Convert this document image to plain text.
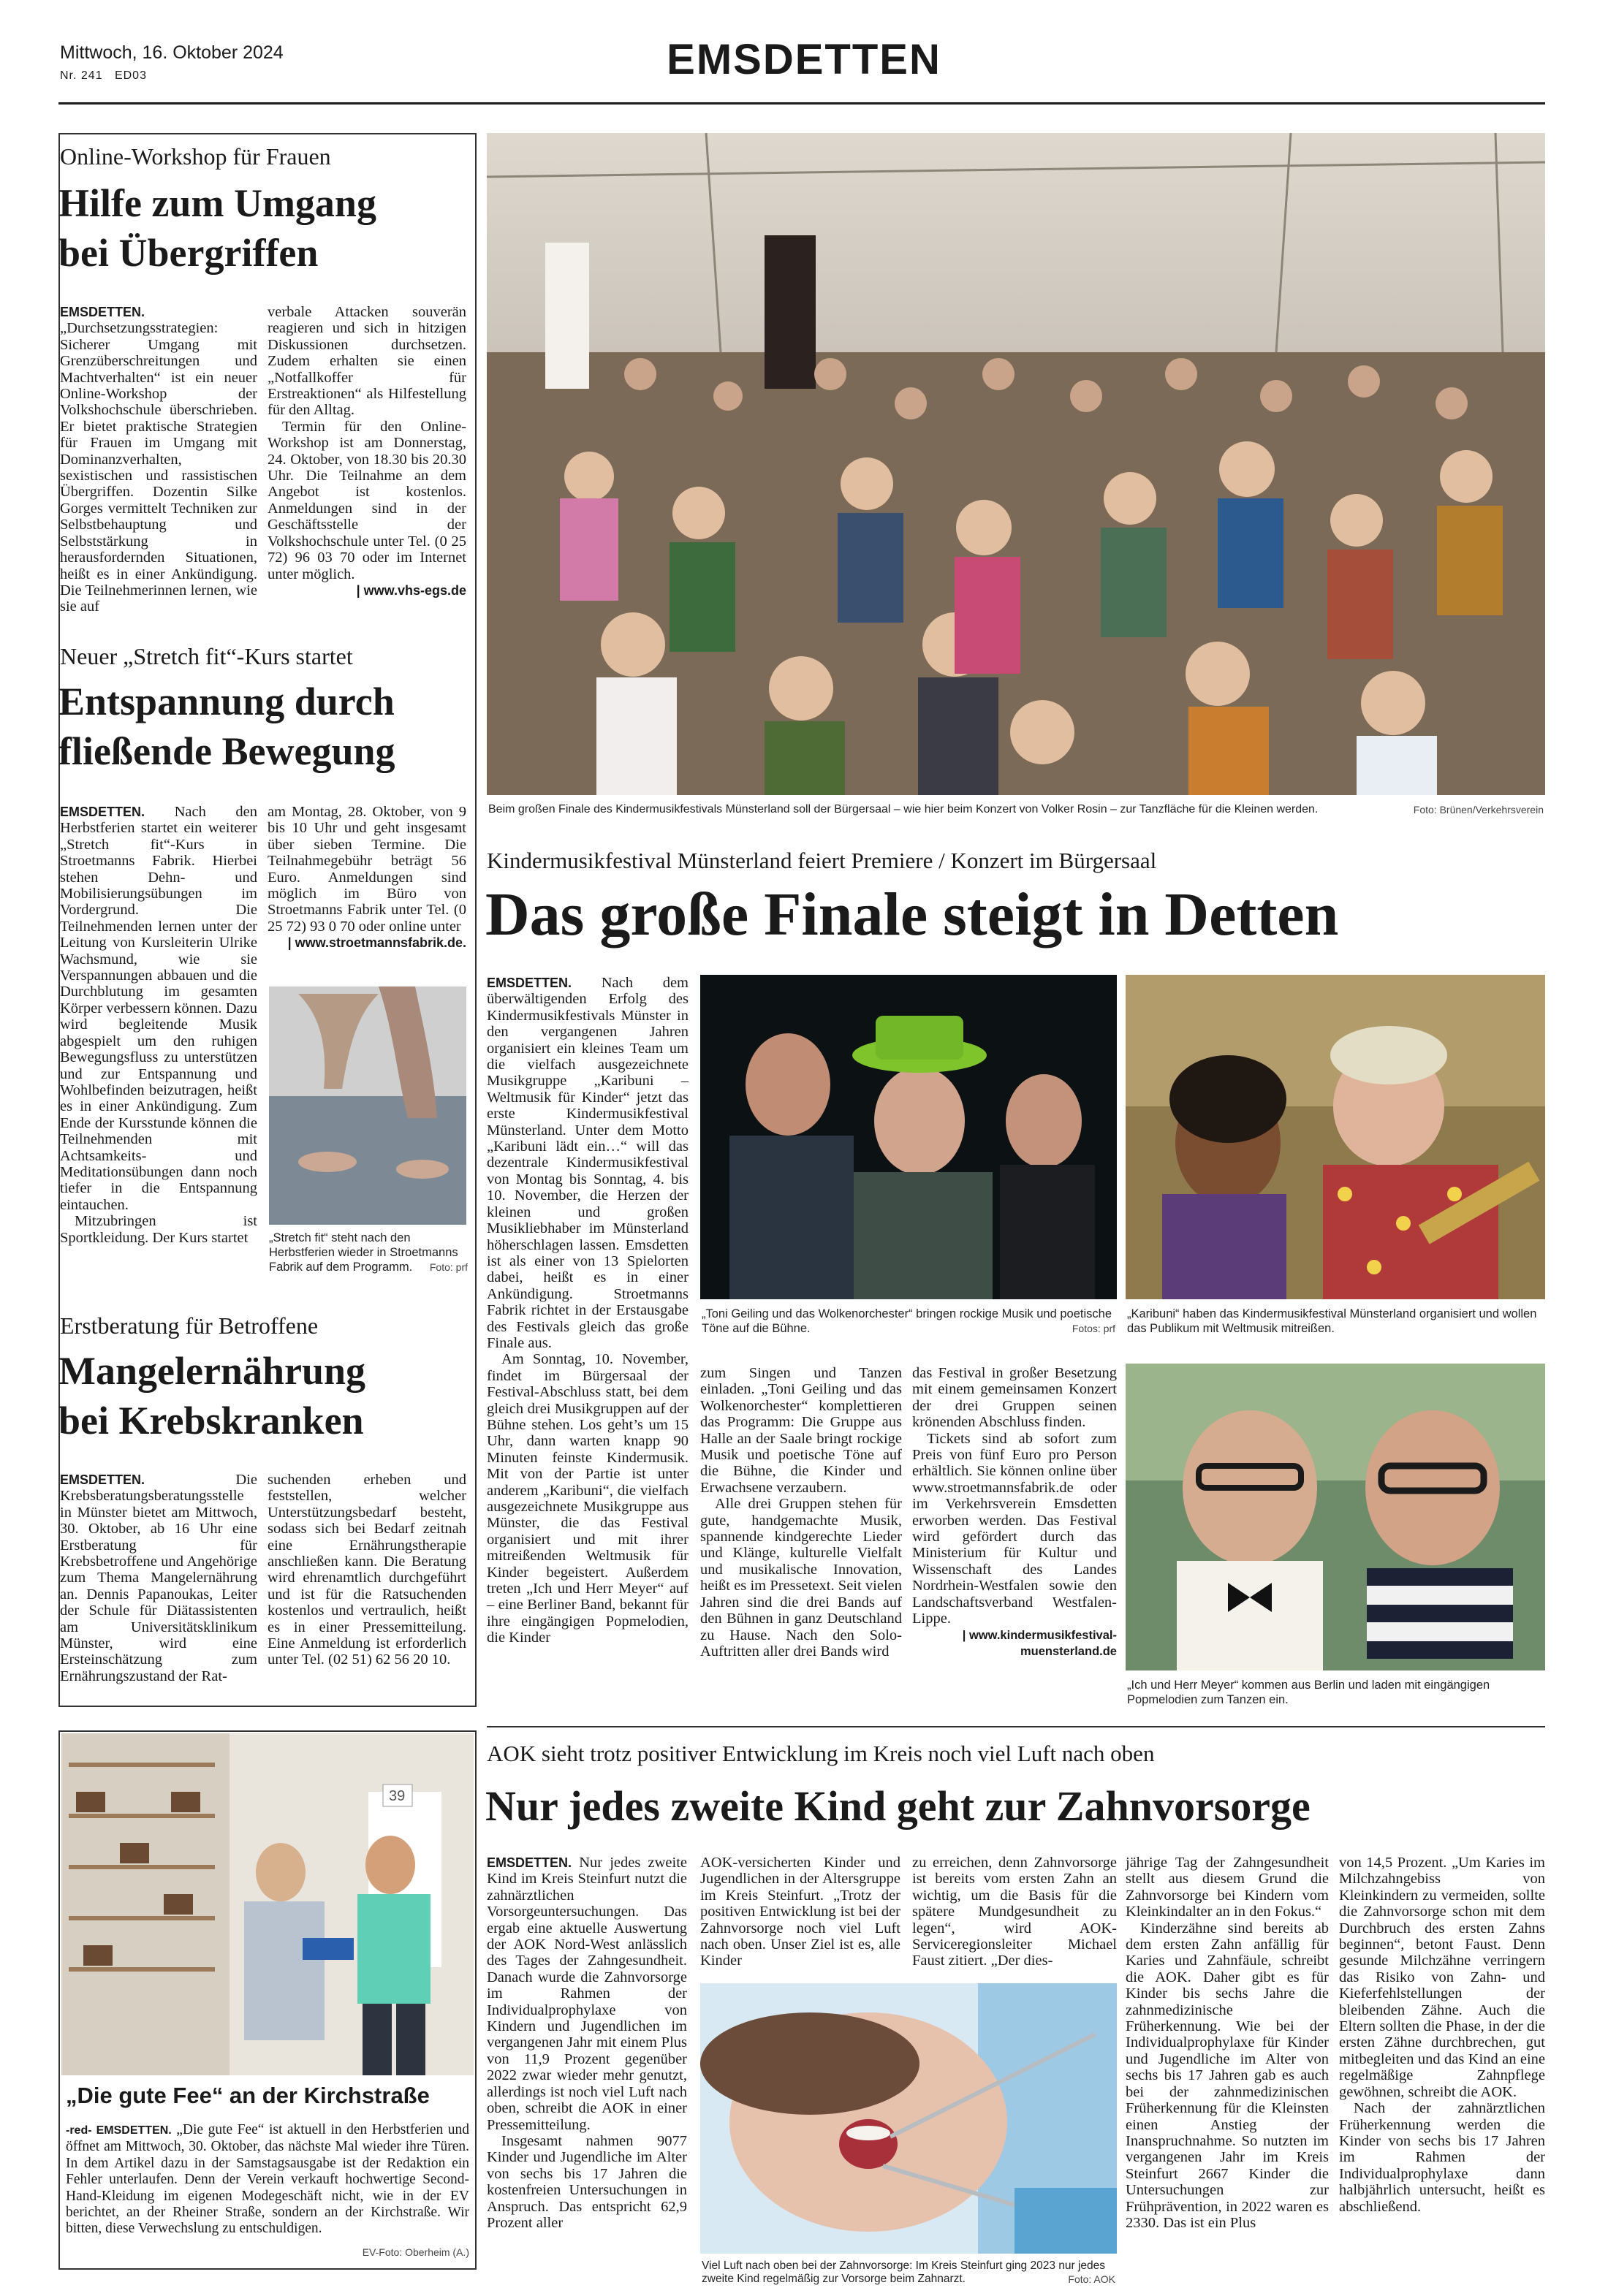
Mittwoch, 16. Oktober 2024
Nr. 241 ED03	EMSDETTEN
Online-Workshop für Frauen
Hilfe zum Umgang
bei Übergriffen

EMSDETTEN. „Durchsetzungsstrategien: Sicherer Umgang mit Grenzüberschreitungen und Machtverhalten“ ist ein neuer Online-Workshop der Volkshochschule überschrieben. Er bietet praktische Strategien für Frauen im Umgang mit Dominanzverhalten, sexistischen und rassistischen Übergriffen. Dozentin Silke Gorges vermittelt Techniken zur Selbstbehauptung und Selbststärkung in herausfordernden Situationen, heißt es in einer Ankündigung. Die Teilnehmerinnen lernen, wie sie auf

verbale Attacken souverän reagieren und sich in hitzigen Diskussionen durchsetzen. Zudem erhalten sie einen „Notfallkoffer für Erstreaktionen“ als Hilfestellung für den Alltag.

Termin für den Online-Workshop ist am Donnerstag, 24. Oktober, von 18.30 bis 20.30 Uhr. Die Teilnahme an dem Angebot ist kostenlos. Anmeldungen sind in der Geschäftsstelle der Volkshochschule unter Tel. (0 25 72) 96 03 70 oder im Internet unter möglich.

| www.vhs-egs.de
Neuer „Stretch fit“-Kurs startet
Entspannung durch
fließende Bewegung

EMSDETTEN. Nach den Herbstferien startet ein weiterer „Stretch fit“-Kurs in Stroetmanns Fabrik. Hierbei stehen Dehn- und Mobilisierungsübungen im Vordergrund. Die Teilnehmenden lernen unter der Leitung von Kursleiterin Ulrike Wachsmund, wie sie Verspannungen abbauen und die Durchblutung im gesamten Körper verbessern können. Dazu wird begleitende Musik abgespielt um den ruhigen Bewegungsfluss zu unterstützen und zur Entspannung und Wohlbefinden beizutragen, heißt es in einer Ankündigung. Zum Ende der Kursstunde können die Teilnehmenden mit Achtsamkeits- und Meditationsübungen dann noch tiefer in die Entspannung eintauchen.

Mitzubringen ist Sportkleidung. Der Kurs startet

am Montag, 28. Oktober, von 9 bis 10 Uhr und geht insgesamt über sieben Termine. Die Teilnahmegebühr beträgt 56 Euro. Anmeldungen sind möglich im Büro von Stroetmanns Fabrik unter Tel. (0 25 72) 93 0 70 oder online unter

| www.stroetmannsfabrik.de.
„Stretch fit“ steht nach den Herbstferien wieder in Stroetmanns Fabrik auf dem Programm. Foto: prf
Erstberatung für Betroffene
Mangelernährung
bei Krebskranken

EMSDETTEN.	Die Krebsberatungsberatungsstelle in Münster bietet am Mittwoch, 30. Oktober, ab 16 Uhr eine Erstberatung für Krebsbetroffene und Angehörige zum Thema Mangelernährung an. Dennis Papanoukas, Leiter der Schule für Diätassistenten am Universitätsklinikum Münster, wird eine Ersteinschätzung zum Ernährungszustand der Rat-

suchenden erheben und feststellen, welcher Unterstützungsbedarf besteht, sodass sich bei Bedarf zeitnah eine Ernährungstherapie anschließen kann. Die Beratung wird ehrenamtlich durchgeführt und ist für die Ratsuchenden kostenlos und vertraulich, heißt es in einer Pressemitteilung. Eine Anmeldung ist erforderlich unter Tel. (02 51) 62 56 20 10.

39
„Die gute Fee“ an der Kirchstraße
-red- EMSDETTEN. „Die gute Fee“ ist aktuell in den Herbstferien und öffnet am Mittwoch, 30. Oktober, das nächste Mal wieder ihre Türen. In dem Artikel dazu in der Samstagsausgabe ist der Redaktion ein Fehler unterlaufen. Denn der Verein verkauft hochwertige Second-Hand-Kleidung im eigenen Modegeschäft nicht, wie in der EV berichtet, an der Rheiner Straße, sondern an der Kirchstraße. Wir bitten, diese Verwechslung zu entschuldigen.
EV-Foto: Oberheim (A.)
Beim großen Finale des Kindermusikfestivals Münsterland soll der Bürgersaal – wie hier beim Konzert von Volker Rosin – zur Tanzfläche für die Kleinen werden.	Foto: Brünen/Verkehrsverein
Kindermusikfestival Münsterland feiert Premiere / Konzert im Bürgersaal
Das große Finale steigt in Detten

EMSDETTEN. Nach dem überwältigenden Erfolg des Kindermusikfestivals Münster in den vergangenen Jahren organisiert ein kleines Team um die vielfach ausgezeichnete Musikgruppe „Karibuni – Weltmusik für Kinder“ jetzt das erste Kindermusikfestival Münsterland. Unter dem Motto „Karibuni lädt ein…“ will das dezentrale Kindermusikfestival von Montag bis Sonntag, 4. bis 10. November, die Herzen der kleinen und großen Musikliebhaber im Münsterland höherschlagen lassen. Emsdetten ist als einer von 13 Spielorten dabei, heißt es in einer Ankündigung. Stroetmanns Fabrik richtet in der Erstausgabe des Festivals gleich das große Finale aus.

Am Sonntag, 10. November, findet im Bürgersaal der Festival-Abschluss statt, bei dem gleich drei Musikgruppen auf der Bühne stehen. Los geht’s um 15 Uhr, dann warten knapp 90 Minuten feinste Kindermusik. Mit von der Partie ist unter anderem „Karibuni“, die vielfach ausgezeichnete Musikgruppe aus Münster, die das Festival organisiert und mit ihrer mitreißenden Weltmusik für Kinder begeistert. Außerdem treten „Ich und Herr Meyer“ auf – eine Berliner Band, bekannt für ihre eingängigen Popmelodien, die Kinder

„Toni Geiling und das Wolkenorchester“ bringen rockige Musik und poetische Töne auf die Bühne.	Fotos: prf
„Karibuni“ haben das Kindermusikfestival Münsterland organisiert und wollen das Publikum mit Weltmusik mitreißen.

zum Singen und Tanzen einladen. „Toni Geiling und das Wolkenorchester“ komplettieren das Programm: Die Gruppe aus Halle an der Saale bringt rockige Musik und poetische Töne auf die Bühne, die Kinder und Erwachsene verzaubern.

Alle drei Gruppen stehen für gute, handgemachte Musik, spannende kindgerechte Lieder und Klänge, kulturelle Vielfalt und musikalische Innovation, heißt es im Pressetext. Seit vielen Jahren sind die drei Bands auf den Bühnen in ganz Deutschland zu Hause. Nach den Solo-Auftritten aller drei Bands wird

das Festival in großer Besetzung mit einem gemeinsamen Konzert der drei Gruppen seinen krönenden Abschluss finden.

Tickets sind ab sofort zum Preis von fünf Euro pro Person erhältlich. Sie können online über www.stroetmannsfabrik.de oder im Verkehrsverein Emsdetten erworben werden. Das Festival wird gefördert durch das Ministerium für Kultur und Wissenschaft des Landes Nordrhein-Westfalen sowie den Landschaftsverband Westfalen-Lippe.

| www.kindermusikfestival-muensterland.de
„Ich und Herr Meyer“ kommen aus Berlin und laden mit eingängigen Popmelodien zum Tanzen ein.
AOK sieht trotz positiver Entwicklung im Kreis noch viel Luft nach oben
Nur jedes zweite Kind geht zur Zahnvorsorge

EMSDETTEN. Nur jedes zweite Kind im Kreis Steinfurt nutzt die zahnärztlichen Vorsorgeuntersuchungen. Das ergab eine aktuelle Auswertung der AOK Nord-West anlässlich des Tages der Zahngesundheit. Danach wurde die Zahnvorsorge im Rahmen der Individualprophylaxe von Kindern und Jugendlichen im vergangenen Jahr mit einem Plus von 11,9 Prozent gegenüber 2022 zwar wieder mehr genutzt, allerdings ist noch viel Luft nach oben, schreibt die AOK in einer Pressemitteilung.

Insgesamt nahmen 9077 Kinder und Jugendliche im Alter von sechs bis 17 Jahren die kostenfreien Untersuchungen in Anspruch. Das entspricht 62,9 Prozent aller

AOK-versicherten Kinder und Jugendlichen in der Altersgruppe im Kreis Steinfurt. „Trotz der positiven Entwicklung ist bei der Zahnvorsorge noch viel Luft nach oben. Unser Ziel ist es, alle Kinder

zu erreichen, denn Zahnvorsorge ist bereits vom ersten Zahn an wichtig, um die Basis für die spätere Mundgesundheit zu legen“, wird AOK-Serviceregionsleiter Michael Faust zitiert. „Der dies-

Viel Luft nach oben bei der Zahnvorsorge: Im Kreis Steinfurt ging 2023 nur jedes zweite Kind regelmäßig zur Vorsorge beim Zahnarzt.	Foto: AOK

jährige Tag der Zahngesundheit stellt aus diesem Grund die Zahnvorsorge bei Kindern vom Kleinkindalter an in den Fokus.“

Kinderzähne sind bereits ab dem ersten Zahn anfällig für Karies und Zahnfäule, schreibt die AOK. Daher gibt es für Kinder bis sechs Jahre die zahnmedizinische Früherkennung. Wie bei der Individualprophylaxe für Kinder und Jugendliche im Alter von sechs bis 17 Jahren gab es auch bei der zahnmedizinischen Früherkennung für die Kleinsten einen Anstieg der Inanspruchnahme. So nutzten im vergangenen Jahr im Kreis Steinfurt 2667 Kinder die Untersuchungen zur Frühprävention, in 2022 waren es 2330. Das ist ein Plus

von 14,5 Prozent. „Um Karies im Milchzahngebiss von Kleinkindern zu vermeiden, sollte die Zahnvorsorge schon mit dem Durchbruch des ersten Zahns beginnen“, betont Faust. Denn gesunde Milchzähne verringern das Risiko von Zahn- und Kieferfehlstellungen der bleibenden Zähne. Auch die Eltern sollten die Phase, in der die ersten Zähne durchbrechen, gut mitbegleiten und das Kind an eine regelmäßige Zahnpflege gewöhnen, schreibt die AOK.

Nach der zahnärztlichen Früherkennung werden die Kinder von sechs bis 17 Jahren im Rahmen der Individualprophylaxe dann halbjährlich untersucht, heißt es abschließend.
